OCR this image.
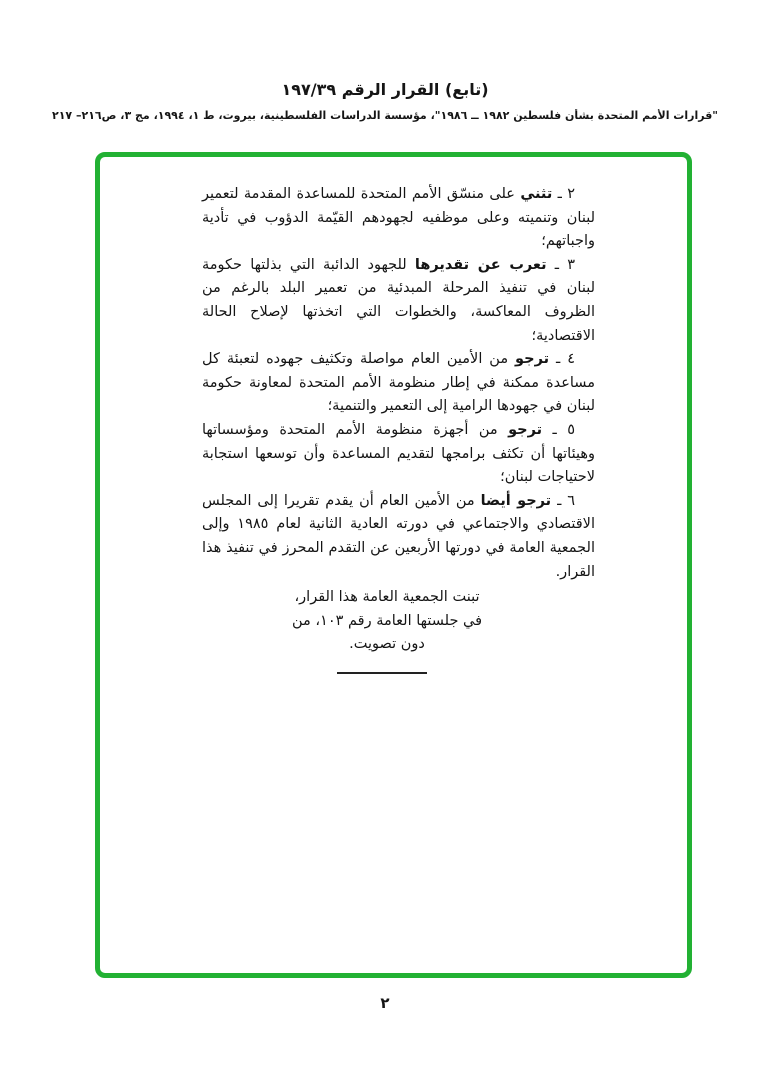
(تابع) القرار الرقم ١٩٧/٣٩
"قرارات الأمم المتحدة بشأن فلسطين ١٩٨٢ ــ ١٩٨٦"، مؤسسة الدراسات الفلسطينية، بيروت، ط ١، ١٩٩٤، مج ٣، ص٢١٦– ٢١٧

٢ ـ تثني على منسّق الأمم المتحدة للمساعدة المقدمة لتعمير لبنان وتنميته وعلى موظفيه لجهودهم القيّمة الدؤوب في تأدية واجباتهم؛

٣ ـ تعرب عن تقديرها للجهود الدائبة التي بذلتها حكومة لبنان في تنفيذ المرحلة المبدئية من تعمير البلد بالرغم من الظروف المعاكسة، والخطوات التي اتخذتها لإصلاح الحالة الاقتصادية؛

٤ ـ ترجو من الأمين العام مواصلة وتكثيف جهوده لتعبئة كل مساعدة ممكنة في إطار منظومة الأمم المتحدة لمعاونة حكومة لبنان في جهودها الرامية إلى التعمير والتنمية؛

٥ ـ ترجو من أجهزة منظومة الأمم المتحدة ومؤسساتها وهيئاتها أن تكثف برامجها لتقديم المساعدة وأن توسعها استجابة لاحتياجات لبنان؛

٦ ـ ترجو أيضا من الأمين العام أن يقدم تقريرا إلى المجلس الاقتصادي والاجتماعي في دورته العادية الثانية لعام ١٩٨٥ وإلى الجمعية العامة في دورتها الأربعين عن التقدم المحرز في تنفيذ هذا القرار.

تبنت الجمعية العامة هذا القرار،
في جلستها العامة رقم ١٠٣، من
دون تصويت.
٢
